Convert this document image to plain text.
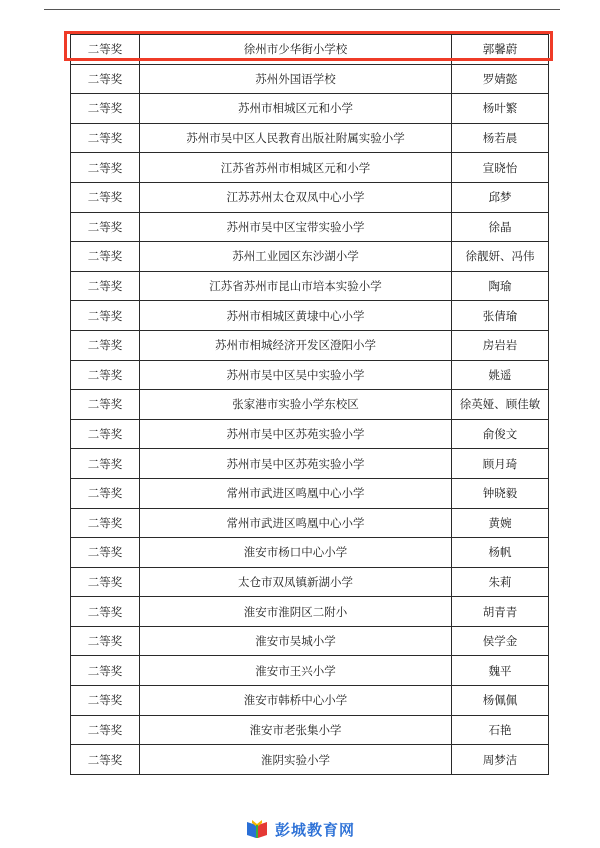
二等奖	徐州市少华街小学校	郭馨蔚
二等奖	苏州外国语学校	罗婧懿
二等奖	苏州市相城区元和小学	杨叶繁
二等奖	苏州市吴中区人民教育出版社附属实验小学	杨若晨
二等奖	江苏省苏州市相城区元和小学	宣晓怡
二等奖	江苏苏州太仓双凤中心小学	邱梦
二等奖	苏州市吴中区宝带实验小学	徐晶
二等奖	苏州工业园区东沙湖小学	徐靓妍、冯伟
二等奖	江苏省苏州市昆山市培本实验小学	陶瑜
二等奖	苏州市相城区黄埭中心小学	张倩瑜
二等奖	苏州市相城经济开发区澄阳小学	房岩岩
二等奖	苏州市吴中区吴中实验小学	姚遥
二等奖	张家港市实验小学东校区	徐英娅、顾佳敏
二等奖	苏州市吴中区苏苑实验小学	俞俊文
二等奖	苏州市吴中区苏苑实验小学	顾月琦
二等奖	常州市武进区鸣凰中心小学	钟晓毅
二等奖	常州市武进区鸣凰中心小学	黄婉
二等奖	淮安市杨口中心小学	杨帆
二等奖	太仓市双凤镇新湖小学	朱莉
二等奖	淮安市淮阴区二附小	胡青青
二等奖	淮安市吴城小学	侯学金
二等奖	淮安市王兴小学	魏平
二等奖	淮安市韩桥中心小学	杨佩佩
二等奖	淮安市老张集小学	石艳
二等奖	淮阴实验小学	周梦洁
彭城教育网
